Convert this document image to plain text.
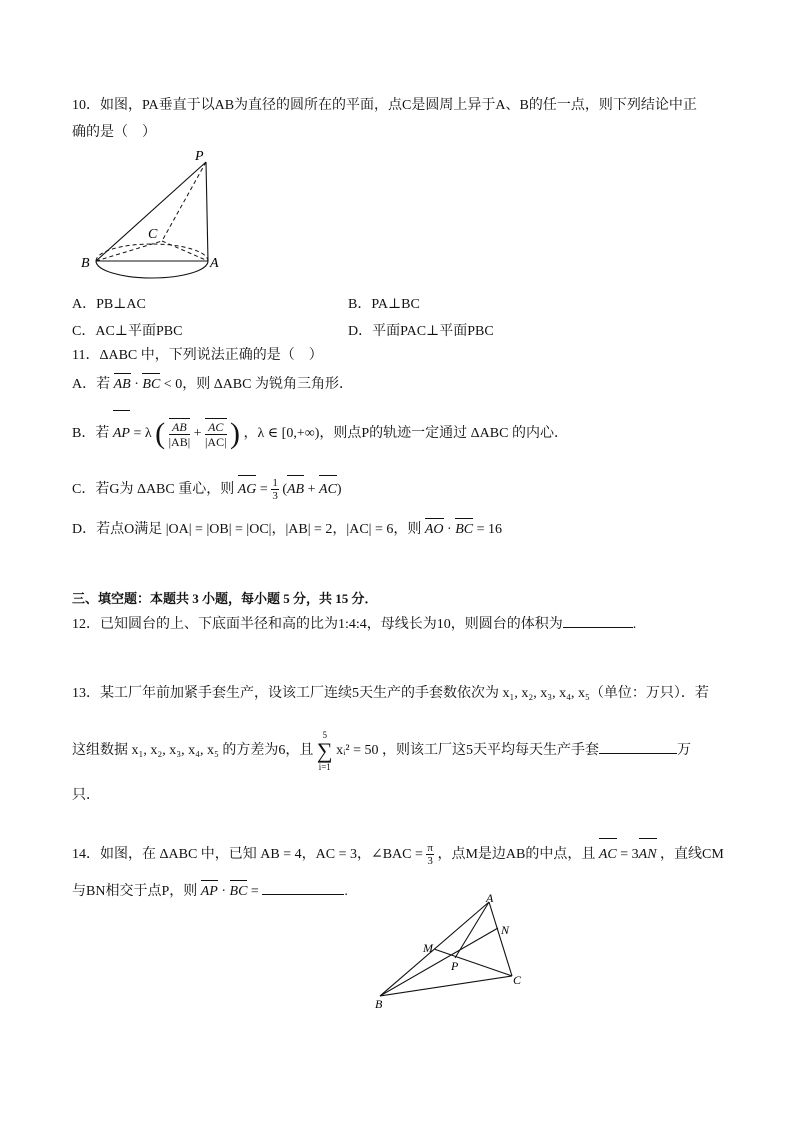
10．如图，PA垂直于以AB为直径的圆所在的平面，点C是圆周上异于A、B的任一点，则下列结论中正
确的是（　）
P
C
B	A
A．PB⊥AC	B．PA⊥BC
C．AC⊥平面PBC	D．平面PAC⊥平面PBC
11．ΔABC 中，下列说法正确的是（　）
A．若 AB · BC < 0，则 ΔABC 为锐角三角形．
B．若 AP = λ ( $\frac{AB}{|AB|} + \frac{AC}{|AC|}$ ) ，λ ∈ [0,+∞)，则点P的轨迹一定通过 ΔABC 的内心．
C．若G为 ΔABC 重心，则 AG = $\frac{1}{3} (AB + AC)$
D．若点O满足 |OA| = |OB| = |OC|，|AB| = 2，|AC| = 6，则 AO · BC = 16
三、填空题：本题共 3 小题，每小题 5 分，共 15 分．
12．已知圆台的上、下底面半径和高的比为1:4:4，母线长为10，则圆台的体积为	.
13．某工厂年前加紧手套生产，设该工厂连续5天生产的手套数依次为 x₁, x₂, x₃, x₄, x₅（单位：万只）．若
这组数据 x₁, x₂, x₃, x₄, x₅ 的方差为6，且 5
∑
i=1 xᵢ² = 50 ，则该工厂这5天平均每天生产手套	万
只．
14．如图，在 ΔABC 中，已知 AB = 4，AC = 3，∠BAC = $\frac{\pi}{3}$ ，点M是边AB的中点，且 AC = 3AN ，直线CM
与BN相交于点P，则 AP · BC =	.	A
N
M
P
C
B
